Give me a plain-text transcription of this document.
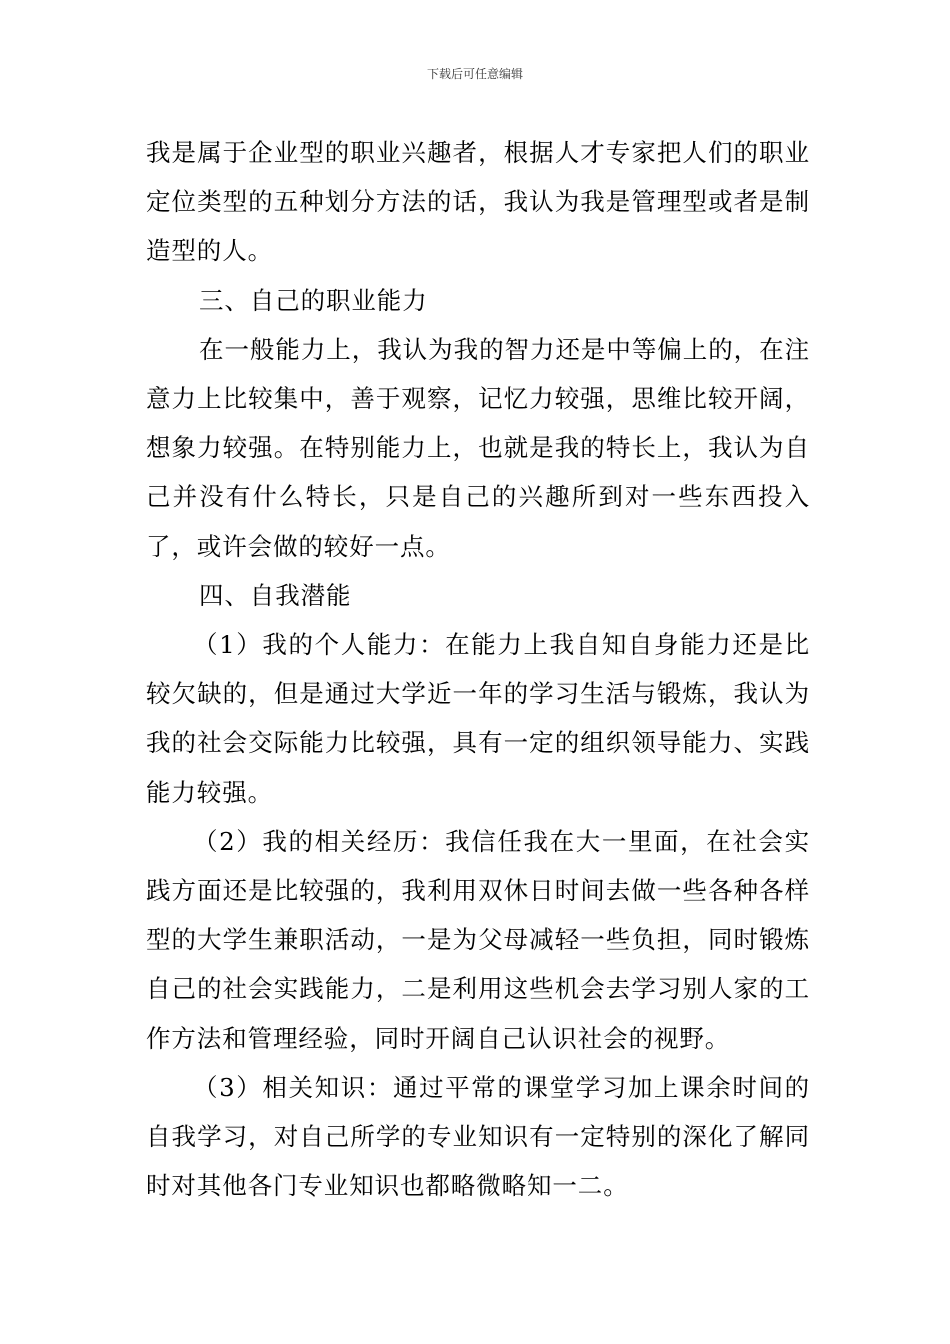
下载后可任意编辑

我是属于企业型的职业兴趣者，根据人才专家把人们的职业定位类型的五种划分方法的话，我认为我是管理型或者是制造型的人。

三、自己的职业能力

在一般能力上，我认为我的智力还是中等偏上的，在注意力上比较集中，善于观察，记忆力较强，思维比较开阔，想象力较强。在特别能力上，也就是我的特长上，我认为自己并没有什么特长，只是自己的兴趣所到对一些东西投入了，或许会做的较好一点。

四、自我潜能

（1）我的个人能力：在能力上我自知自身能力还是比较欠缺的，但是通过大学近一年的学习生活与锻炼，我认为我的社会交际能力比较强，具有一定的组织领导能力、实践能力较强。

（2）我的相关经历：我信任我在大一里面，在社会实践方面还是比较强的，我利用双休日时间去做一些各种各样型的大学生兼职活动，一是为父母减轻一些负担，同时锻炼自己的社会实践能力，二是利用这些机会去学习别人家的工作方法和管理经验，同时开阔自己认识社会的视野。

（3）相关知识：通过平常的课堂学习加上课余时间的自我学习，对自己所学的专业知识有一定特别的深化了解同时对其他各门专业知识也都略微略知一二。
